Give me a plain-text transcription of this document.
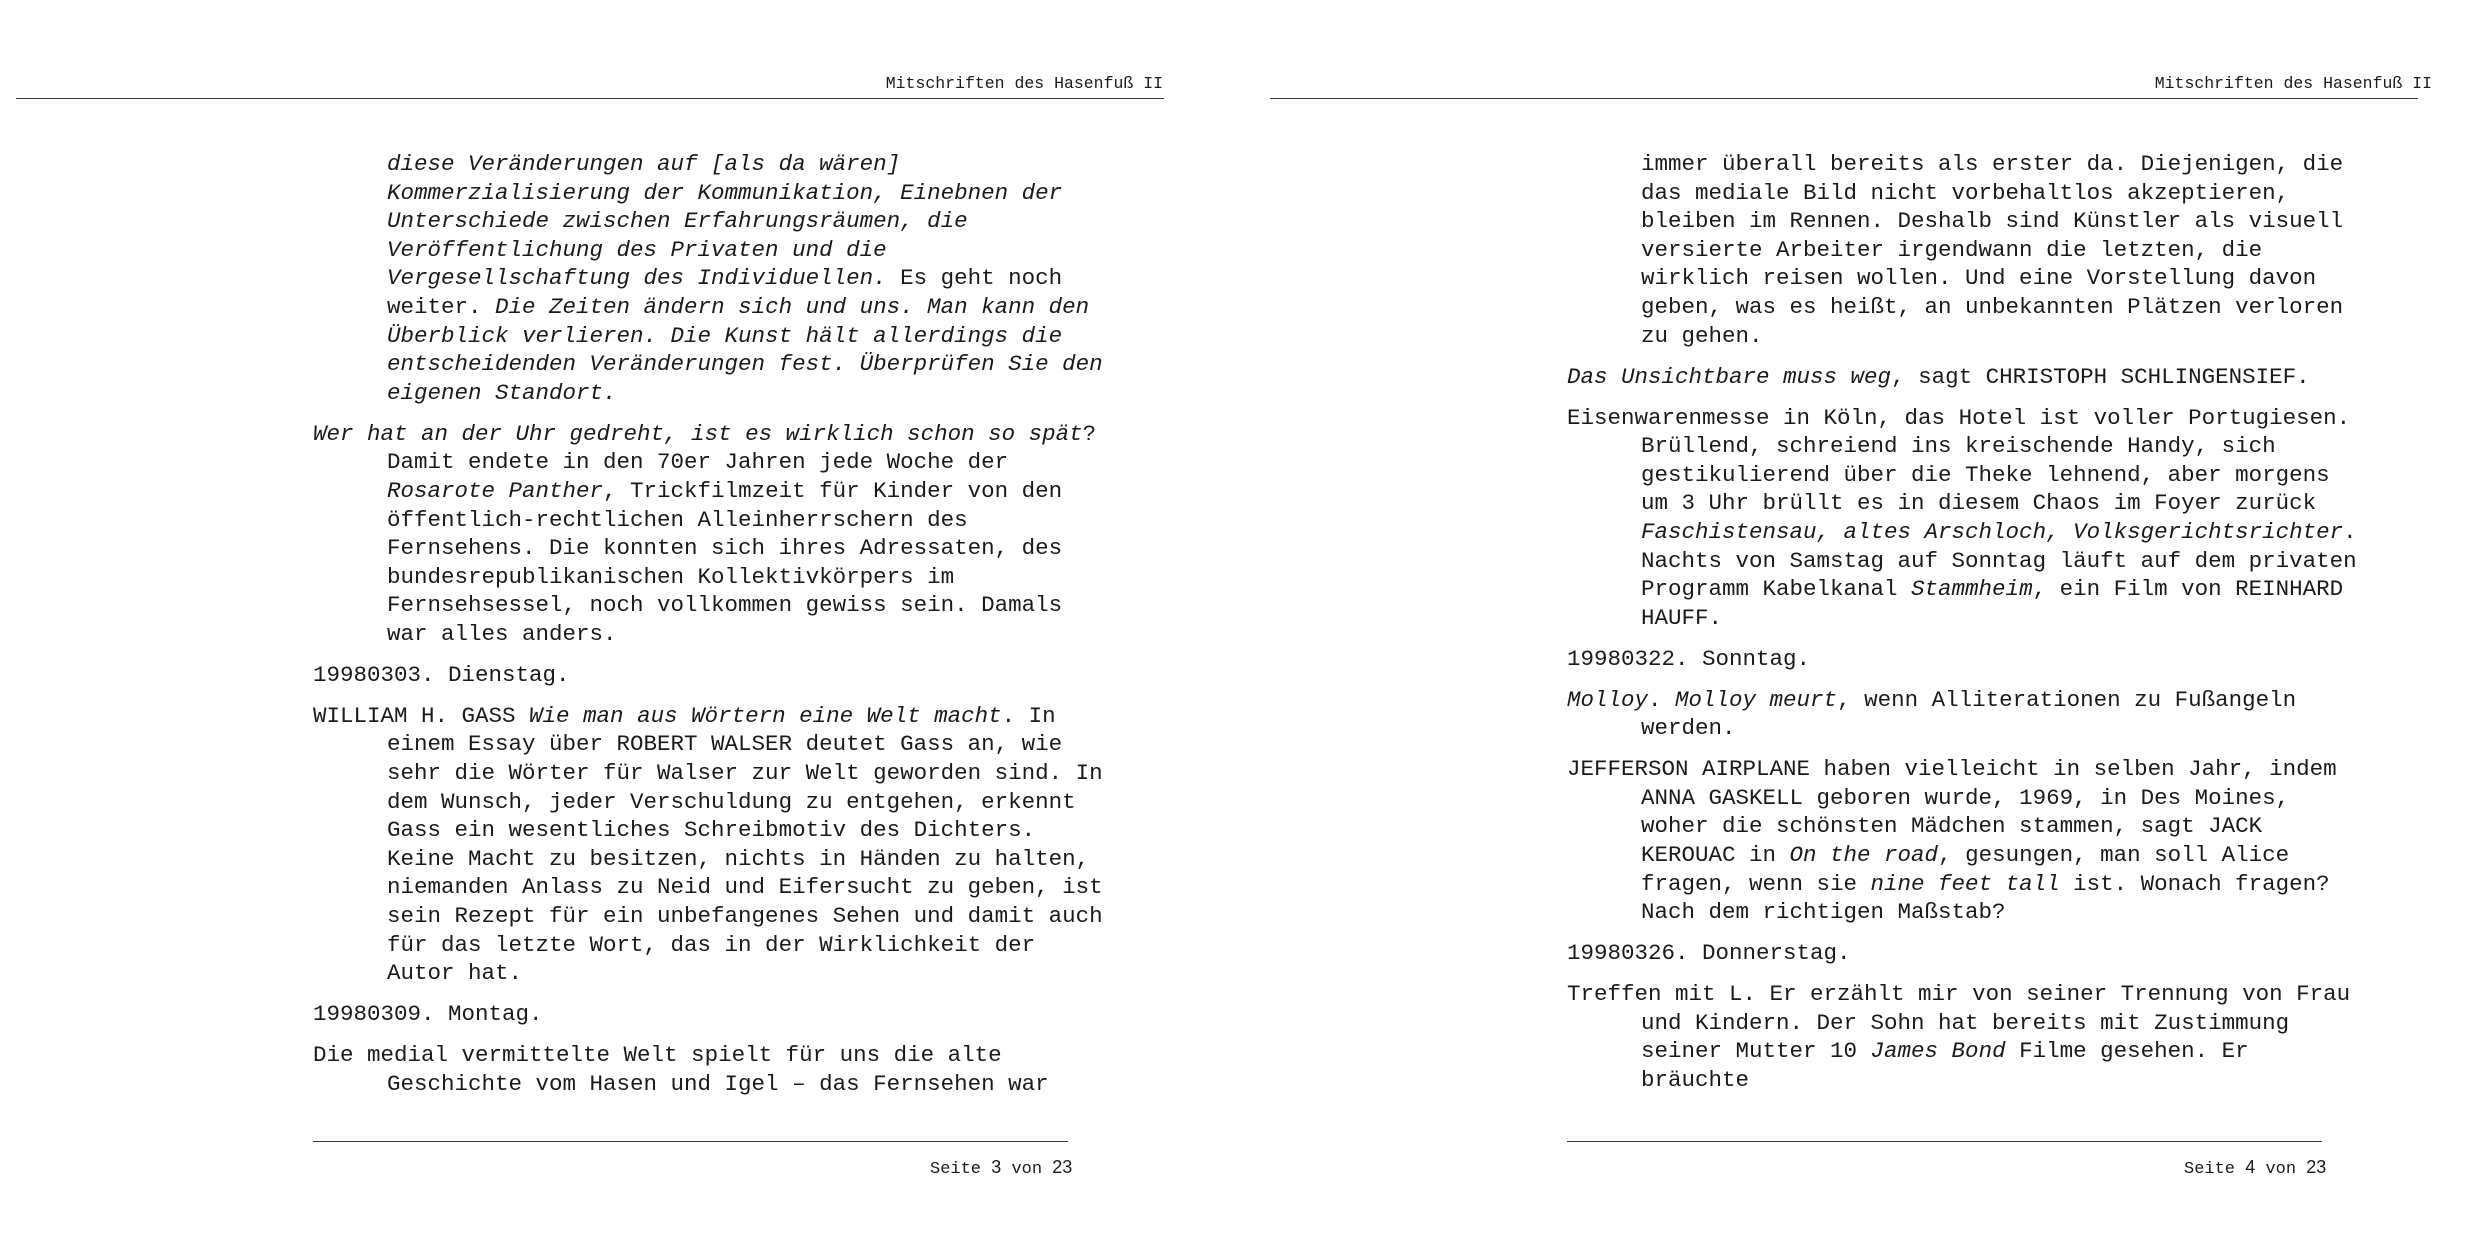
Mitschriften des Hasenfuß II
diese Veränderungen auf [als da wären] Kommerzialisierung der Kommunikation, Einebnen der Unterschiede zwischen Erfahrungsräumen, die Veröffentlichung des Privaten und die Vergesellschaftung des Individuellen. Es geht noch weiter. Die Zeiten ändern sich und uns. Man kann den Überblick verlieren. Die Kunst hält allerdings die entscheidenden Veränderungen fest. Überprüfen Sie den eigenen Standort.
Wer hat an der Uhr gedreht, ist es wirklich schon so spät? Damit endete in den 70er Jahren jede Woche der Rosarote Panther, Trickfilmzeit für Kinder von den öffentlich-rechtlichen Alleinherrschern des Fernsehens. Die konnten sich ihres Adressaten, des bundesrepublikanischen Kollektivkörpers im Fernsehsessel, noch vollkommen gewiss sein. Damals war alles anders.
19980303. Dienstag.
WILLIAM H. GASS Wie man aus Wörtern eine Welt macht. In einem Essay über ROBERT WALSER deutet Gass an, wie sehr die Wörter für Walser zur Welt geworden sind. In dem Wunsch, jeder Verschuldung zu entgehen, erkennt Gass ein wesentliches Schreibmotiv des Dichters. Keine Macht zu besitzen, nichts in Händen zu halten, niemanden Anlass zu Neid und Eifersucht zu geben, ist sein Rezept für ein unbefangenes Sehen und damit auch für das letzte Wort, das in der Wirklichkeit der Autor hat.
19980309. Montag.
Die medial vermittelte Welt spielt für uns die alte Geschichte vom Hasen und Igel – das Fernsehen war
Seite 3 von 23
Mitschriften des Hasenfuß II
immer überall bereits als erster da. Diejenigen, die das mediale Bild nicht vorbehaltlos akzeptieren, bleiben im Rennen. Deshalb sind Künstler als visuell versierte Arbeiter irgendwann die letzten, die wirklich reisen wollen. Und eine Vorstellung davon geben, was es heißt, an unbekannten Plätzen verloren zu gehen.
Das Unsichtbare muss weg, sagt CHRISTOPH SCHLINGENSIEF.
Eisenwarenmesse in Köln, das Hotel ist voller Portugiesen. Brüllend, schreiend ins kreischende Handy, sich gestikulierend über die Theke lehnend, aber morgens um 3 Uhr brüllt es in diesem Chaos im Foyer zurück Faschistensau, altes Arschloch, Volksgerichtsrichter. Nachts von Samstag auf Sonntag läuft auf dem privaten Programm Kabelkanal Stammheim, ein Film von REINHARD HAUFF.
19980322. Sonntag.
Molloy. Molloy meurt, wenn Alliterationen zu Fußangeln werden.
JEFFERSON AIRPLANE haben vielleicht in selben Jahr, indem ANNA GASKELL geboren wurde, 1969, in Des Moines, woher die schönsten Mädchen stammen, sagt JACK KEROUAC in On the road, gesungen, man soll Alice fragen, wenn sie nine feet tall ist. Wonach fragen? Nach dem richtigen Maßstab?
19980326. Donnerstag.
Treffen mit L. Er erzählt mir von seiner Trennung von Frau und Kindern. Der Sohn hat bereits mit Zustimmung seiner Mutter 10 James Bond Filme gesehen. Er bräuchte
Seite 4 von 23
